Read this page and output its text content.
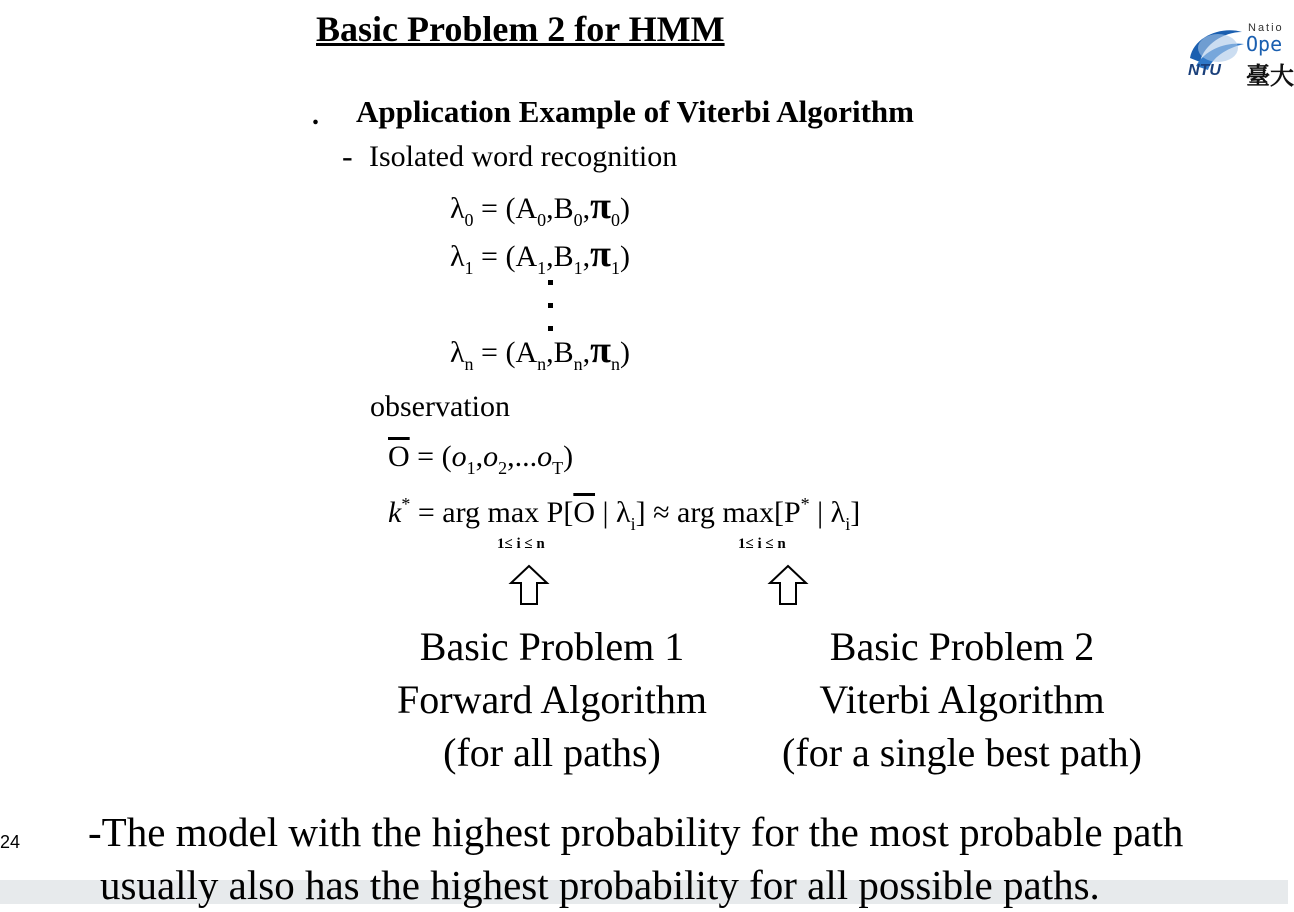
Basic Problem 2 for HMM	Natio
Ope
臺大
NTU
. Application Example of Viterbi Algorithm
- Isolated word recognition
$\lambda_0 = (A_0,B_0,\pi_0)$
$\lambda_1 = (A_1,B_1,\pi_1)$
$\lambda_n = (A_n,B_n,\pi_n)$
observation
$\overline{O} = (o_1,o_2,...o_T)$
k* = arg $\max P[\overline{O}$ | $\lambda_i$] ≈ arg max[P* | $\lambda_i$]
1≤ i ≤ n	1≤ i ≤ n
Basic Problem 1
Forward Algorithm
(for all paths)
Basic Problem 2
Viterbi Algorithm
(for a single best path)
24 -The model with the highest probability for the most probable path
usually also has the highest probability for all possible paths.
